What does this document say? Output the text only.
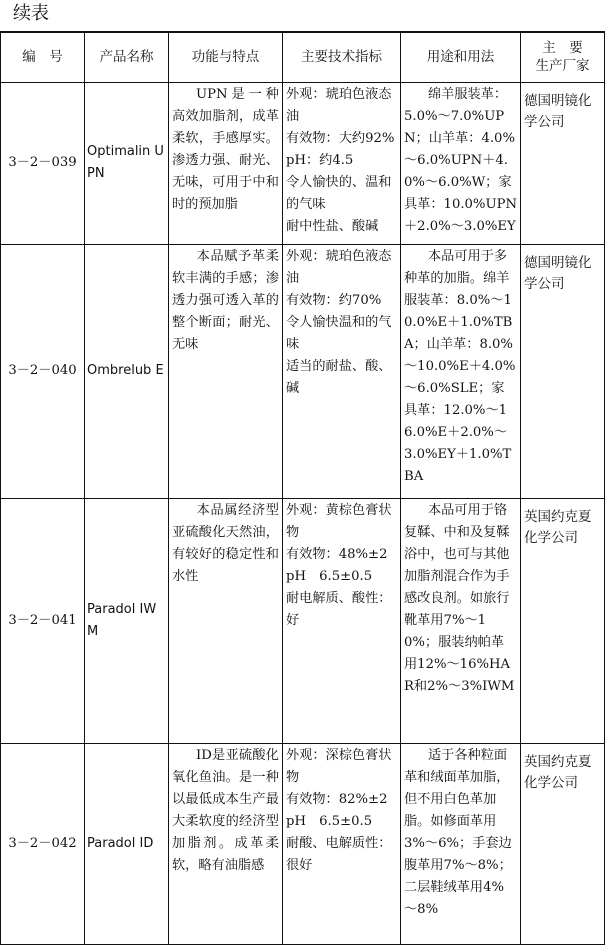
续表
编　号	产品名称	功能与特点	主要技术指标	用途和用法	主　要
生产厂家

3－2－039	Optimalin UPN	UPN是一种高效加脂剂，成革柔软，手感厚实。渗透力强、耐光、无味，可用于中和时的预加脂	外观：琥珀色液态油
有效物：大约92%
pH：约4.5
令人愉快的、温和的气味
耐中性盐、酸碱	绵羊服装革：5.0%～7.0%UPN；山羊革：4.0%～6.0%UPN＋4.0%～6.0%W；家具革：10.0%UPN＋2.0%～3.0%EY	德国明镜化学公司
3－2－040	Ombrelub E	本品赋予革柔软丰满的手感；渗透力强可透入革的整个断面；耐光、无味	外观：琥珀色液态油
有效物：约70%
令人愉快温和的气味
适当的耐盐、酸、碱	本品可用于多种革的加脂。绵羊服装革：8.0%～10.0%E＋1.0%TBA；山羊革：8.0%～10.0%E＋4.0%～6.0%SLE；家具革：12.0%～16.0%E＋2.0%～3.0%EY＋1.0%TBA	德国明镜化学公司
3－2－041	Paradol IWM	本品属经济型亚硫酸化天然油，有较好的稳定性和水性	外观：黄棕色膏状物
有效物：48%±2
pH　6.5±0.5
耐电解质、酸性：好	本品可用于铬复鞣、中和及复鞣浴中，也可与其他加脂剂混合作为手感改良剂。如旅行靴革用7%～10%；服装纳帕革用12%～16%HAR和2%～3%IWM	英国约克夏化学公司
3－2－042	Paradol ID	ID是亚硫酸化氧化鱼油。是一种以最低成本生产最大柔软度的经济型加脂剂。成革柔软，略有油脂感	外观：深棕色膏状物
有效物：82%±2
pH　6.5±0.5
耐酸、电解质性：很好	适于各种粒面革和绒面革加脂，但不用白色革加脂。如修面革用3%～6%；手套边腹革用7%～8%；二层鞋绒革用4%～8%	英国约克夏化学公司
